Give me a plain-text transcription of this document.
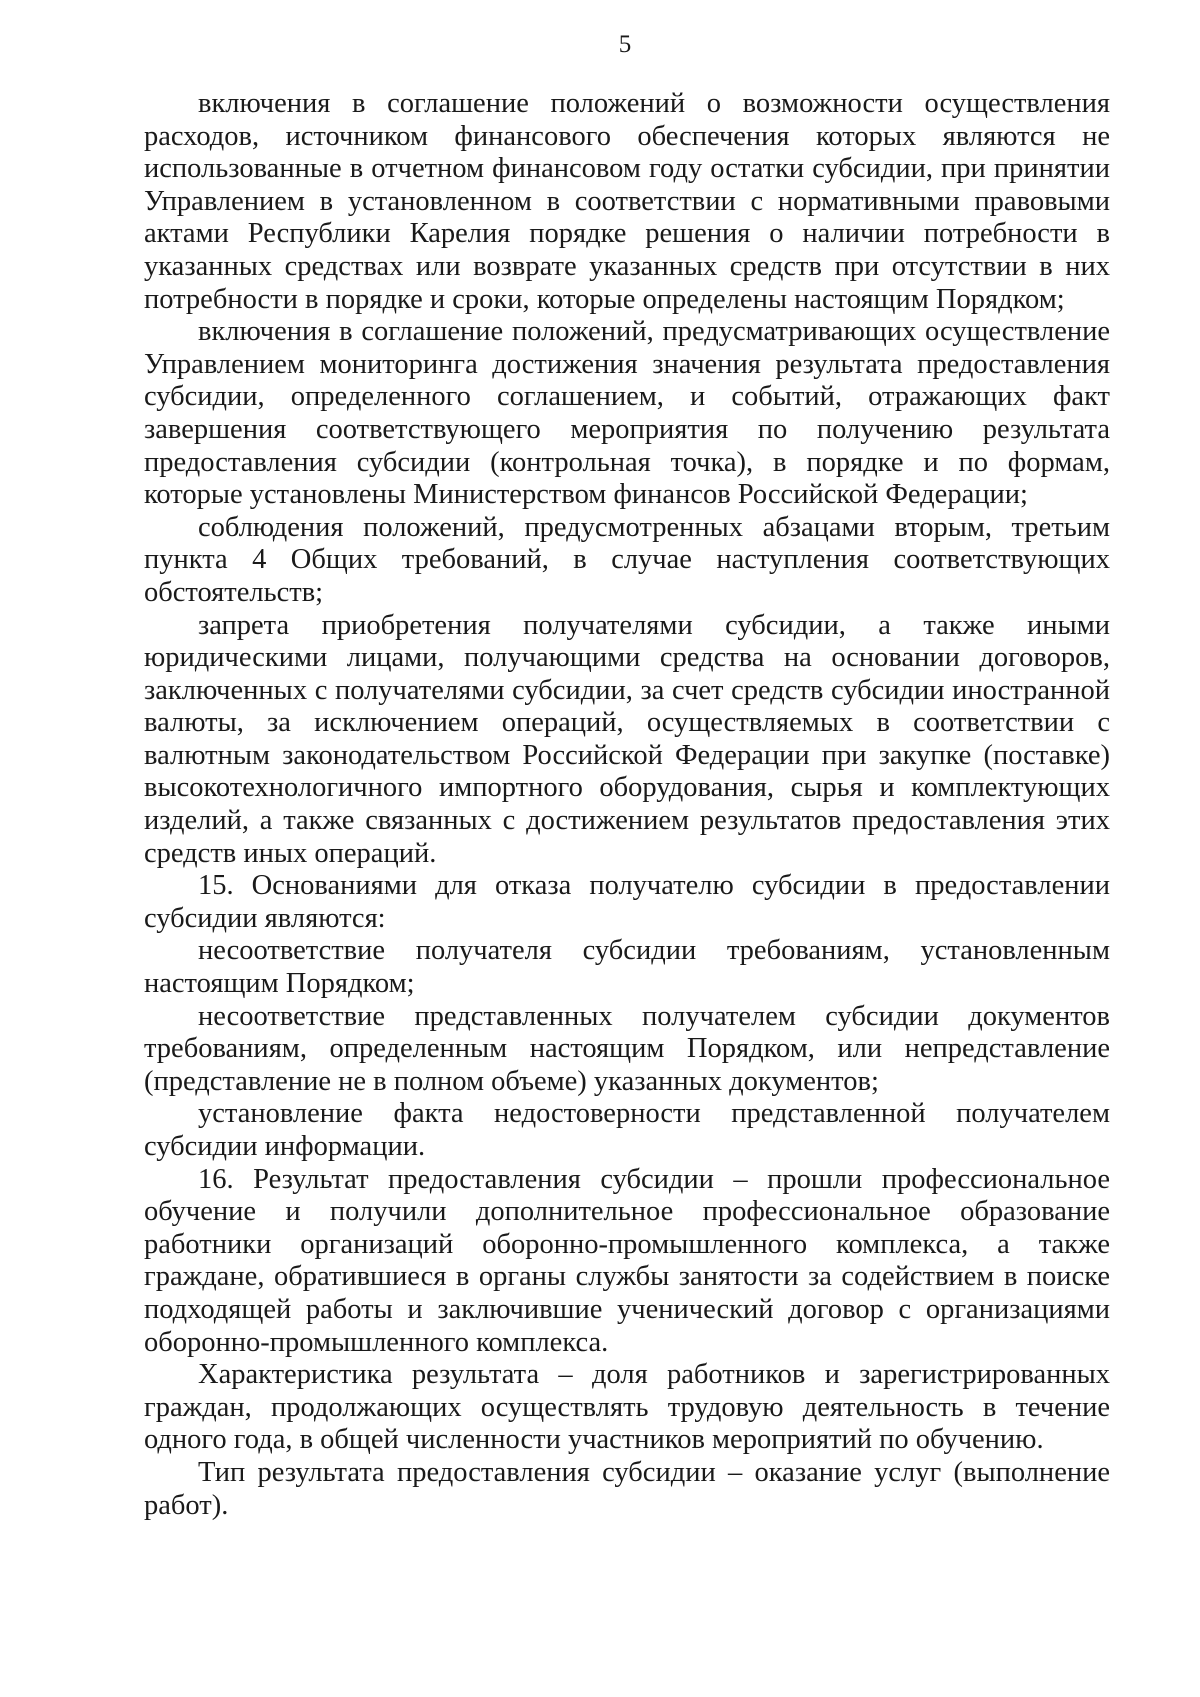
5

включения в соглашение положений о возможности осуществления расходов, источником финансового обеспечения которых являются не использованные в отчетном финансовом году остатки субсидии, при принятии Управлением в установленном в соответствии с нормативными правовыми актами Республики Карелия порядке решения о наличии потребности в указанных средствах или возврате указанных средств при отсутствии в них потребности в порядке и сроки, которые определены настоящим Порядком;

включения в соглашение положений, предусматривающих осуществление Управлением мониторинга достижения значения результата предоставления субсидии, определенного соглашением, и событий, отражающих факт завершения соответствующего мероприятия по получению результата предоставления субсидии (контрольная точка), в порядке и по формам, которые установлены Министерством финансов Российской Федерации;

соблюдения положений, предусмотренных абзацами вторым, третьим пункта 4 Общих требований, в случае наступления соответствующих обстоятельств;

запрета приобретения получателями субсидии, а также иными юридическими лицами, получающими средства на основании договоров, заключенных с получателями субсидии, за счет средств субсидии иностранной валюты, за исключением операций, осуществляемых в соответствии с валютным законодательством Российской Федерации при закупке (поставке) высокотехнологичного импортного оборудования, сырья и комплектующих изделий, а также связанных с достижением результатов предоставления этих средств иных операций.

15. Основаниями для отказа получателю субсидии в предоставлении субсидии являются:

несоответствие получателя субсидии требованиям, установленным настоящим Порядком;

несоответствие представленных получателем субсидии документов требованиям, определенным настоящим Порядком, или непредставление (представление не в полном объеме) указанных документов;

установление факта недостоверности представленной получателем субсидии информации.

16. Результат предоставления субсидии – прошли профессиональное обучение и получили дополнительное профессиональное образование работники организаций оборонно-промышленного комплекса, а также граждане, обратившиеся в органы службы занятости за содействием в поиске подходящей работы и заключившие ученический договор с организациями оборонно-промышленного комплекса.

Характеристика результата – доля работников и зарегистрированных граждан, продолжающих осуществлять трудовую деятельность в течение одного года, в общей численности участников мероприятий по обучению.

Тип результата предоставления субсидии – оказание услуг (выполнение работ).
